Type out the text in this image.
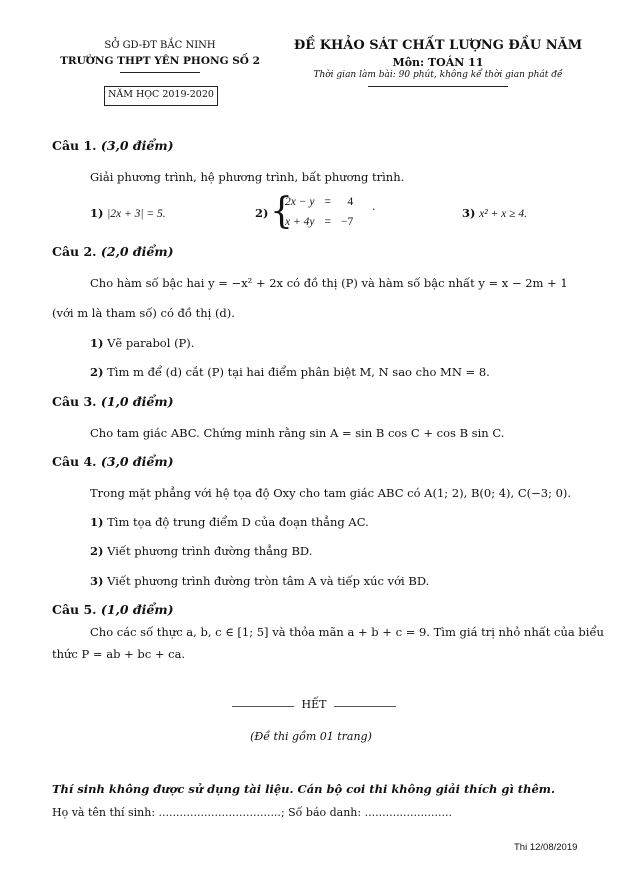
SỞ GD-ĐT BẮC NINH
TRƯỜNG THPT YÊN PHONG SỐ 2
NĂM HỌC 2019-2020
ĐỀ KHẢO SÁT CHẤT LƯỢNG ĐẦU NĂM
Môn: TOÁN 11
Thời gian làm bài: 90 phút, không kể thời gian phát đề
Câu 1. (3,0 điểm)
Giải phương trình, hệ phương trình, bất phương trình.
1) |2x + 3| = 5.	2) {
2x − y	=	4
x + 4y	=	−7
.	3) x² + x ≥ 4.
Câu 2. (2,0 điểm)
Cho hàm số bậc hai y = −x² + 2x có đồ thị (P) và hàm số bậc nhất y = x − 2m + 1
(với m là tham số) có đồ thị (d).
1) Vẽ parabol (P).
2) Tìm m để (d) cắt (P) tại hai điểm phân biệt M, N sao cho MN = 8.
Câu 3. (1,0 điểm)
Cho tam giác ABC. Chứng minh rằng sin A = sin B cos C + cos B sin C.
Câu 4. (3,0 điểm)
Trong mặt phẳng với hệ tọa độ Oxy cho tam giác ABC có A(1; 2), B(0; 4), C(−3; 0).
1) Tìm tọa độ trung điểm D của đoạn thẳng AC.
2) Viết phương trình đường thẳng BD.
3) Viết phương trình đường tròn tâm A và tiếp xúc với BD.
Câu 5. (1,0 điểm)
Cho các số thực a, b, c ∈ [1; 5] và thỏa mãn a + b + c = 9. Tìm giá trị nhỏ nhất của biểu
thức P = ab + bc + ca.
HẾT
(Đề thi gồm 01 trang)
Thí sinh không được sử dụng tài liệu. Cán bộ coi thi không giải thích gì thêm.
Họ và tên thí sinh: ...................................; Số báo danh: .........................
Thi 12/08/2019
